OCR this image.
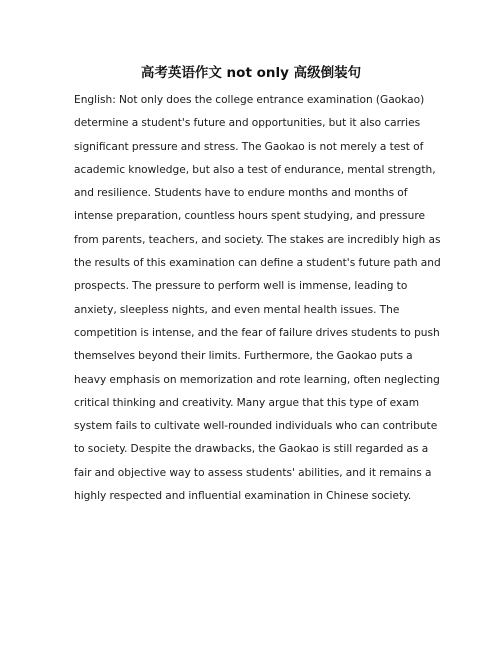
高考英语作文 not only 高级倒装句

English: Not only does the college entrance examination (Gaokao)
determine a student's future and opportunities, but it also carries
significant pressure and stress. The Gaokao is not merely a test of
academic knowledge, but also a test of endurance, mental strength,
and resilience. Students have to endure months and months of
intense preparation, countless hours spent studying, and pressure
from parents, teachers, and society. The stakes are incredibly high as
the results of this examination can define a student's future path and
prospects. The pressure to perform well is immense, leading to
anxiety, sleepless nights, and even mental health issues. The
competition is intense, and the fear of failure drives students to push
themselves beyond their limits. Furthermore, the Gaokao puts a
heavy emphasis on memorization and rote learning, often neglecting
critical thinking and creativity. Many argue that this type of exam
system fails to cultivate well-rounded individuals who can contribute
to society. Despite the drawbacks, the Gaokao is still regarded as a
fair and objective way to assess students' abilities, and it remains a
highly respected and influential examination in Chinese society.
